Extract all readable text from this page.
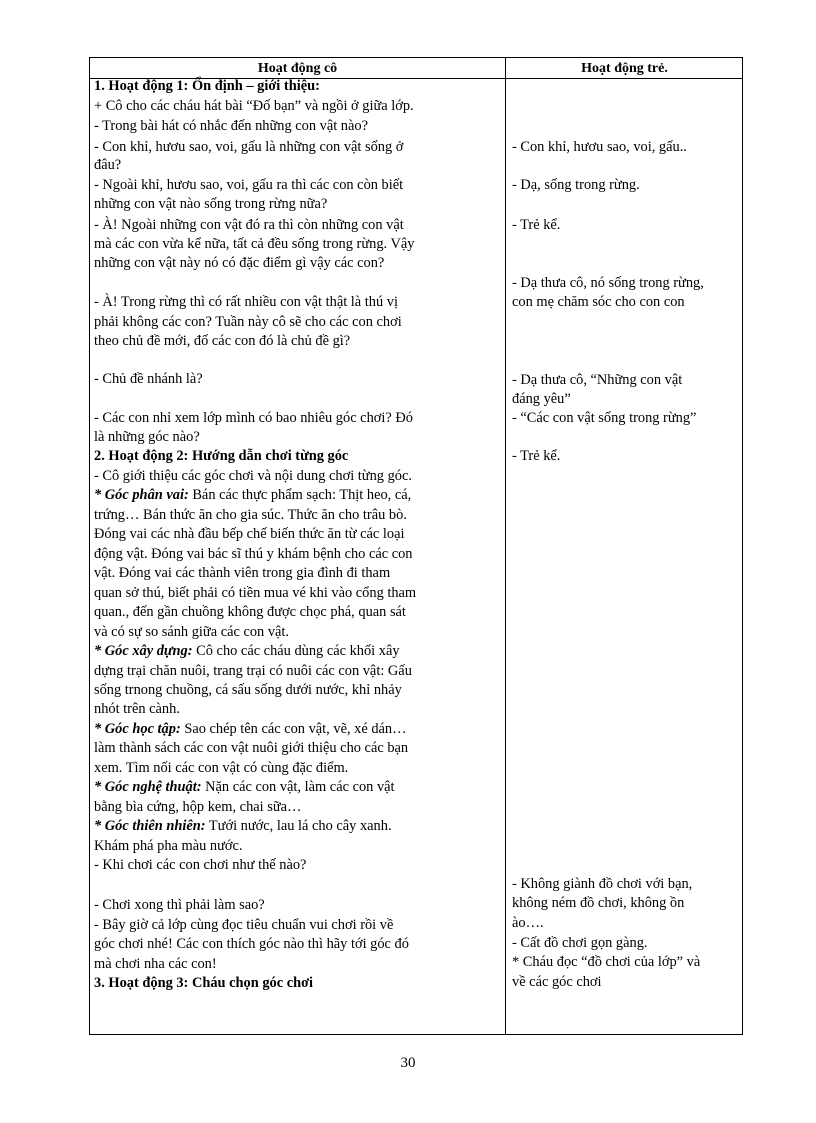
Hoạt động cô	Hoạt động trẻ.
1. Hoạt động 1: Ổn định – giới thiệu:
+ Cô cho các cháu hát bài “Đố bạn” và ngồi ở giữa lớp.
- Trong bài hát có nhắc đến những con vật nào?
- Con khỉ, hươu sao, voi, gấu là những con vật sống ở
đâu?
- Ngoài khỉ, hươu sao, voi, gấu ra thì các con còn biết
những con vật nào sống trong rừng nữa?
- À! Ngoài những con vật đó ra thì còn những con vật
mà các con vừa kể nữa, tất cả đều sống trong rừng. Vậy
những con vật này nó có đặc điểm gì vậy các con?
- À! Trong rừng thì có rất nhiều con vật thật là thú vị
phải không các con? Tuần này cô sẽ cho các con chơi
theo chủ đề mới, đố các con đó là chủ đề gì?
- Chủ đề nhánh là?
- Các con nhỉ xem lớp mình có bao nhiêu góc chơi? Đó
là những góc nào?
2. Hoạt động 2: Hướng dẫn chơi từng góc
- Cô giới thiệu các góc chơi và nội dung chơi từng góc.
* Góc phân vai: Bán các thực phẩm sạch: Thịt heo, cá,
trứng… Bán thức ăn cho gia súc. Thức ăn cho trâu bò.
Đóng vai các nhà đầu bếp chế biến thức ăn từ các loại
động vật. Đóng vai bác sĩ thú y khám bệnh cho các con
vật. Đóng vai các thành viên trong gia đình đi tham
quan sở thú, biết phải có tiền mua vé khi vào cổng tham
quan., đến gần chuồng không được chọc phá, quan sát
và có sự so sánh giữa các con vật.
* Góc xây dựng: Cô cho các cháu dùng các khối xây
dựng trại chăn nuôi, trang trại có nuôi các con vật: Gấu
sống trnong chuồng, cá sấu sống dưới nước, khỉ nhảy
nhót trên cành.
* Góc học tập: Sao chép tên các con vật, vẽ, xé dán…
làm thành sách các con vật nuôi giới thiệu cho các bạn
xem. Tìm nối các con vật có cùng đặc điểm.
* Góc nghệ thuật: Nặn các con vật, làm các con vật
bằng bìa cứng, hộp kem, chai sữa…
* Góc thiên nhiên: Tưới nước, lau lá cho cây xanh.
Khám phá pha màu nước.
- Khi chơi các con chơi như thế nào?
- Chơi xong thì phải làm sao?
- Bây giờ cả lớp cùng đọc tiêu chuẩn vui chơi rồi về
góc chơi nhé! Các con thích góc nào thì hãy tới góc đó
mà chơi nha các con!
3. Hoạt động 3: Cháu chọn góc chơi
- Con khỉ, hươu sao, voi, gấu..
- Dạ, sống trong rừng.
- Trẻ kể.
- Dạ thưa cô, nó sống trong rừng,
con mẹ chăm sóc cho con con
- Dạ thưa cô, “Những con vật
đáng yêu”
- “Các con vật sống trong rừng”
- Trẻ kể.
- Không giành đồ chơi với bạn,
không ném đồ chơi, không ồn
ào….
- Cất đồ chơi gọn gàng.
* Cháu đọc “đồ chơi của lớp” và
về các góc chơi
30
